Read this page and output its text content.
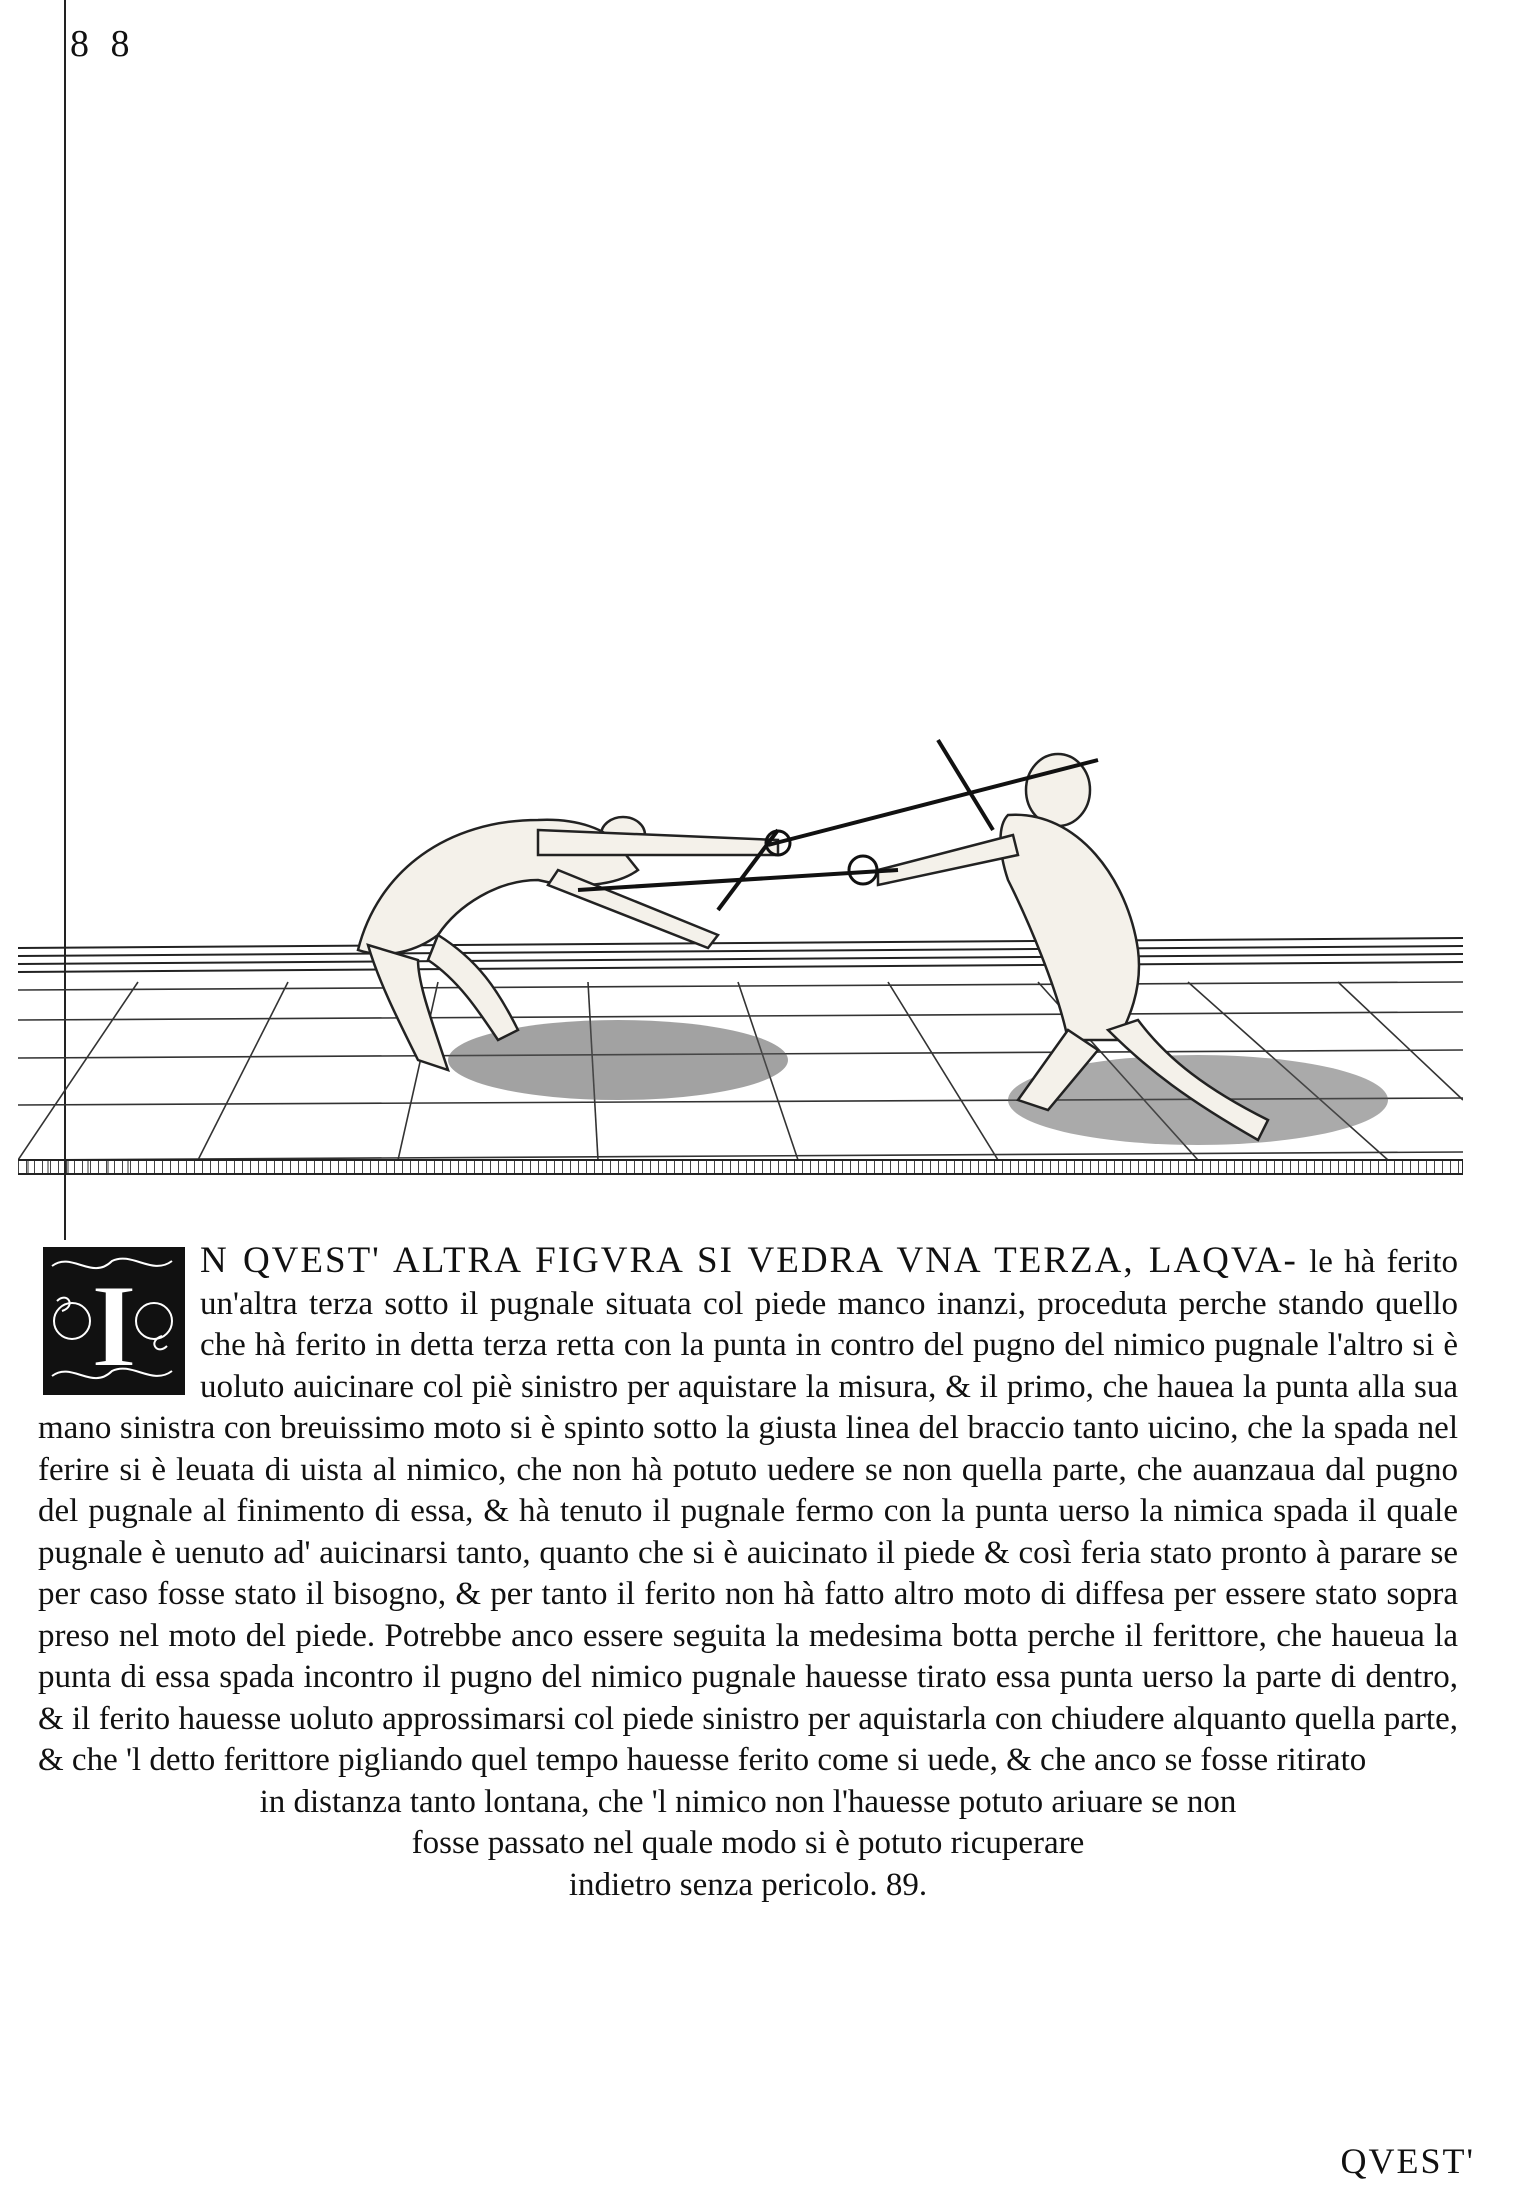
8 8
I N QVEST' ALTRA FIGVRA SI VEDRA VNA TERZA, LAQVA- le hà ferito un'altra terza sotto il pugnale situata col piede manco inanzi, proceduta perche stando quello che hà ferito in detta terza retta con la punta in contro del pugno del nimico pugnale l'altro si è uoluto auicinare col piè sinistro per aquistare la misura, & il primo, che hauea la punta alla sua mano sinistra con breuissimo moto si è spinto sotto la giusta linea del braccio tanto uicino, che la spada nel ferire si è leuata di uista al nimico, che non hà potuto uedere se non quella parte, che auanzaua dal pugno del pugnale al finimento di essa, & hà tenuto il pugnale fermo con la punta uerso la nimica spada il quale pugnale è uenuto ad' auicinarsi tanto, quanto che si è auicinato il piede & così feria stato pronto à parare se per caso fosse stato il bisogno, & per tanto il ferito non hà fatto altro moto di diffesa per essere stato sopra preso nel moto del piede. Potrebbe anco essere seguita la medesima botta perche il ferittore, che haueua la punta di essa spada incontro il pugno del nimico pugnale hauesse tirato essa punta uerso la parte di dentro, & il ferito hauesse uoluto approssimarsi col piede sinistro per aquistarla con chiudere alquanto quella parte, & che 'l detto ferittore pigliando quel tempo hauesse ferito come si uede, & che anco se fosse ritirato
in distanza tanto lontana, che 'l nimico non l'hauesse potuto ariuare se non
fosse passato nel quale modo si è potuto ricuperare
indietro senza pericolo. 89.
QVEST'
